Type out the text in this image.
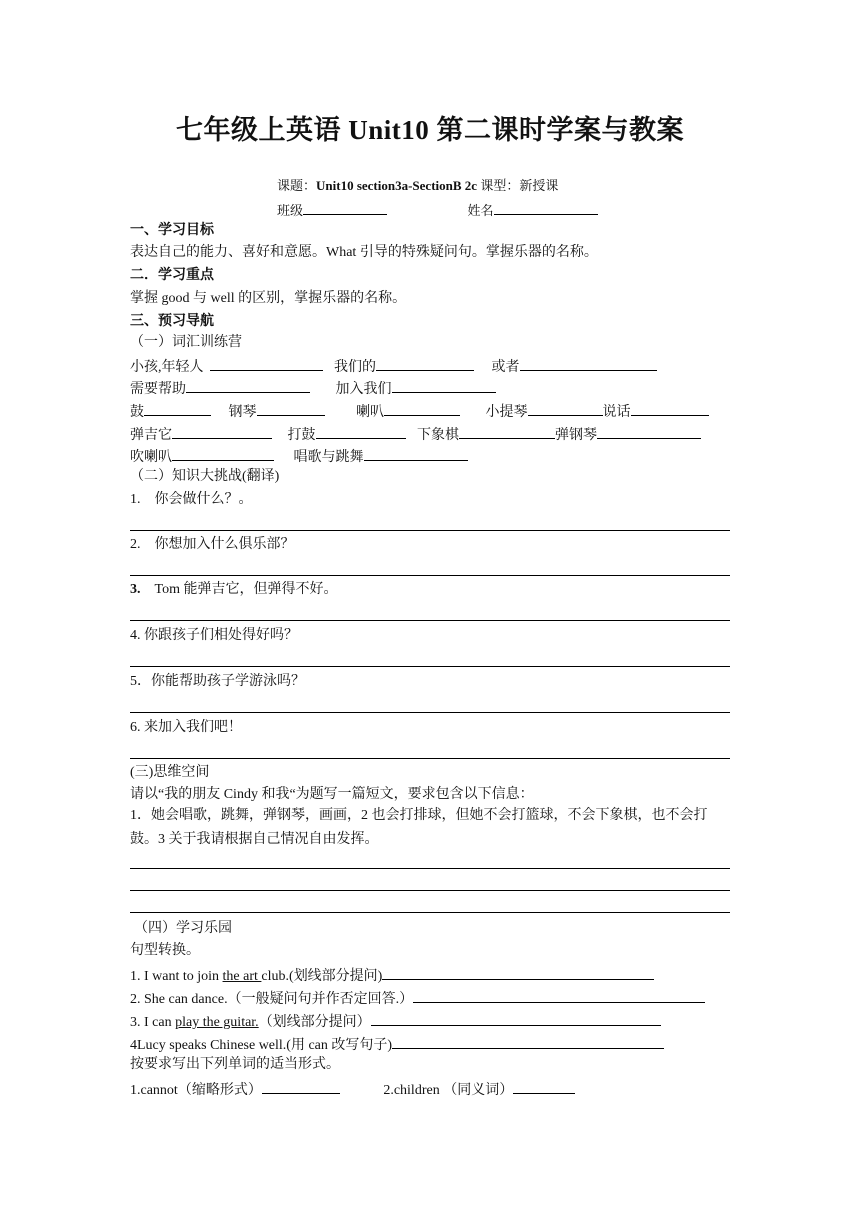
七年级上英语 Unit10 第二课时学案与教案
课题：Unit10 section3a-SectionB 2c 课型：新授课
班级	姓名
一、学习目标
表达自己的能力、喜好和意愿。What 引导的特殊疑问句。掌握乐器的名称。
二．学习重点
掌握 good 与 well 的区别，掌握乐器的名称。
三、预习导航
（一）词汇训练营
小孩,年轻人	我们的	或者
需要帮助	加入我们
鼓	钢琴	喇叭	小提琴	说话
弹吉它	打鼓	下象棋	弹钢琴
吹喇叭	唱歌与跳舞
（二）知识大挑战(翻译)
1. 你会做什么？。
2. 你想加入什么俱乐部？
3. Tom 能弹吉它，但弹得不好。
4. 你跟孩子们相处得好吗？
5．你能帮助孩子学游泳吗？
6. 来加入我们吧！
(三)思维空间
请以“我的朋友 Cindy 和我“为题写一篇短文，要求包含以下信息：
1．她会唱歌，跳舞，弹钢琴，画画，2 也会打排球，但她不会打篮球，不会下象棋，也不会打鼓。3 关于我请根据自己情况自由发挥。
（四）学习乐园
句型转换。
1. I want to join the art club.(划线部分提问)
2. She can dance.（一般疑问句并作否定回答.）
3. I can play the guitar.（划线部分提问）
4Lucy speaks Chinese well.(用 can 改写句子)
按要求写出下列单词的适当形式。
1.cannot（缩略形式）	2.children （同义词）
